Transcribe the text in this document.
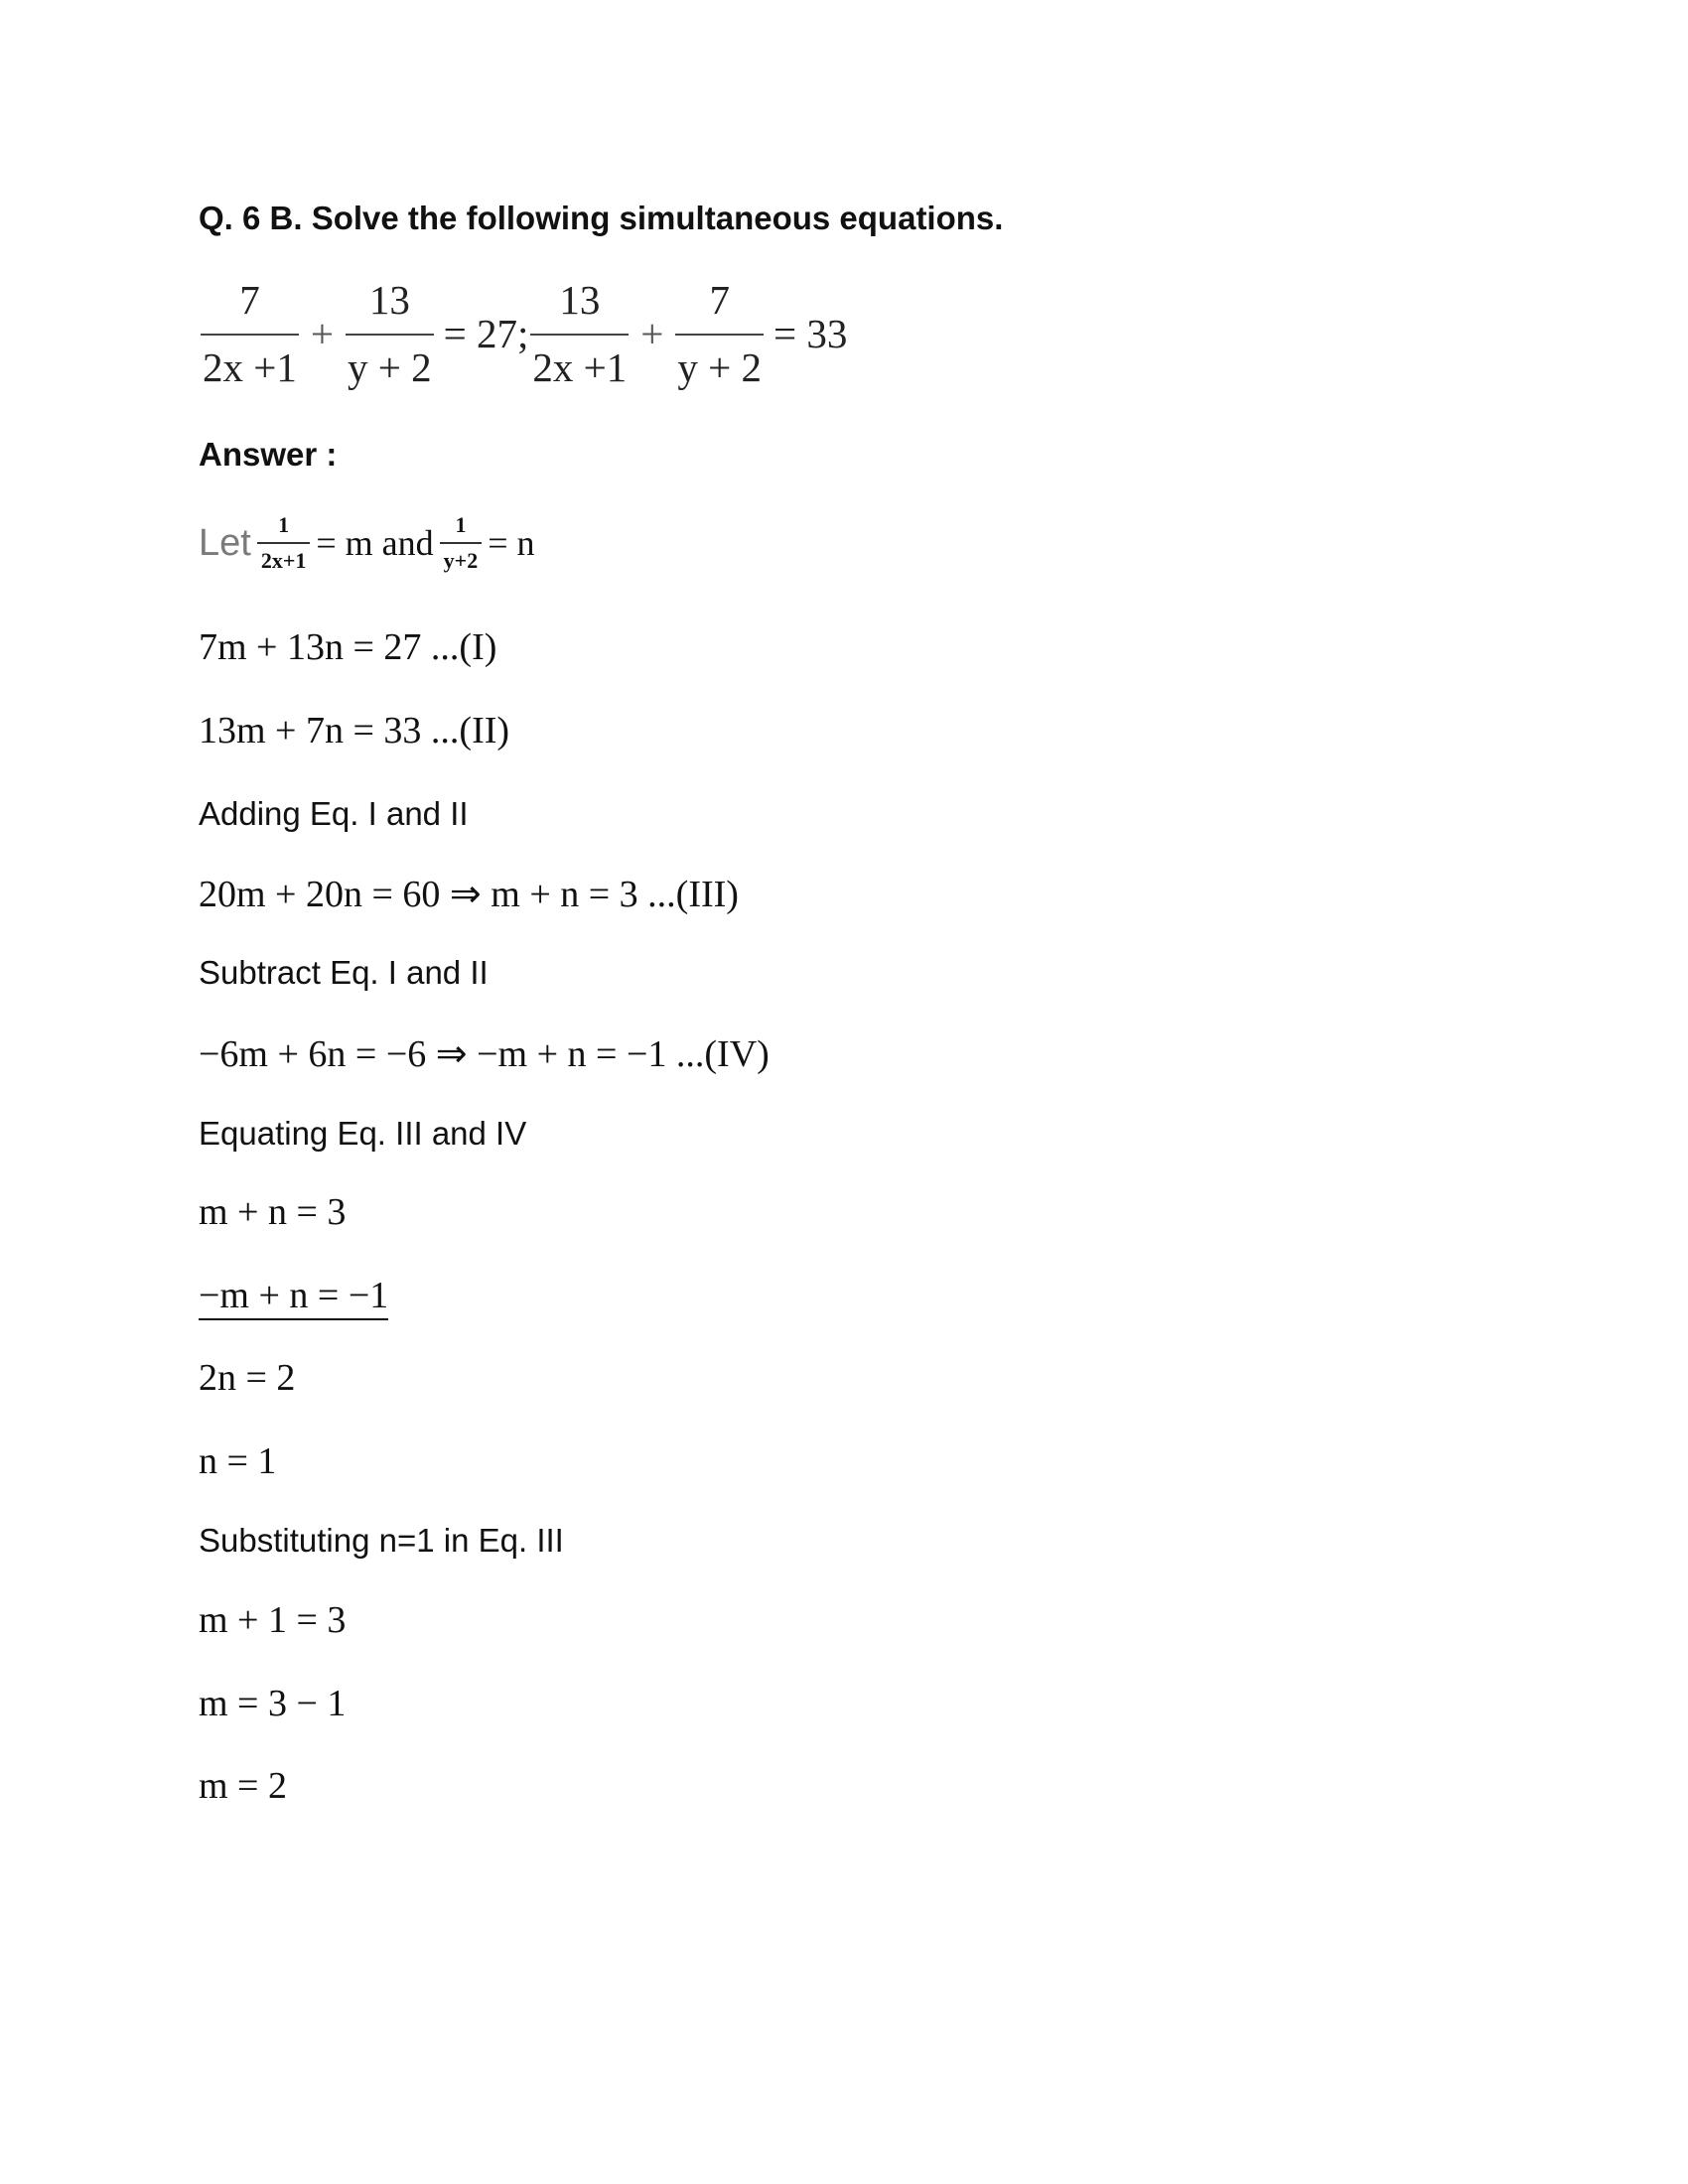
Q. 6 B. Solve the following simultaneous equations.
$\frac{7}{2x +1} + \frac{13}{y + 2} = 27$; $\frac{13}{2x +1} + \frac{7}{y + 2} = 33$
Answer :
Let $\frac{1}{2x+1} = m$ and $\frac{1}{y+2} = n$
7m + 13n = 27 ...(I)
13m + 7n = 33 ...(II)
Adding Eq. I and II
20m + 20n = 60 ⇒ m + n = 3 ...(III)
Subtract Eq. I and II
−6m + 6n = −6 ⇒ −m + n = −1 ...(IV)
Equating Eq. III and IV
m + n = 3
−m + n = −1
2n = 2
n = 1
Substituting n=1 in Eq. III
m + 1 = 3
m = 3 − 1
m = 2
